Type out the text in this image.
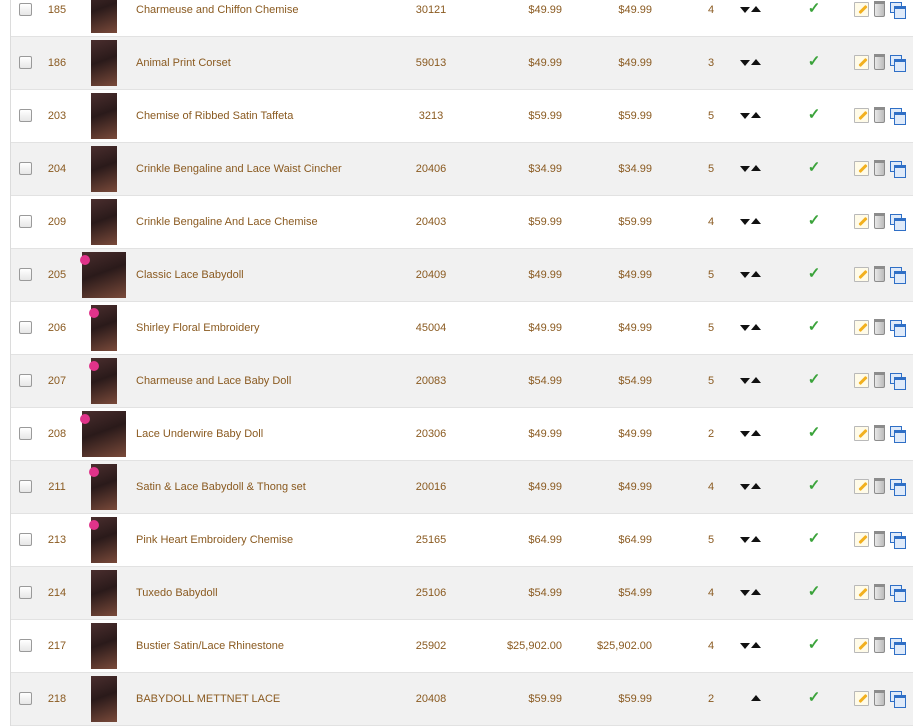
185	Charmeuse and Chiffon Chemise	30121	$49.99	$49.99	4	✓
186	Animal Print Corset	59013	$49.99	$49.99	3	✓
203	Chemise of Ribbed Satin Taffeta	3213	$59.99	$59.99	5	✓
204	Crinkle Bengaline and Lace Waist Cincher	20406	$34.99	$34.99	5	✓
209	Crinkle Bengaline And Lace Chemise	20403	$59.99	$59.99	4	✓
205	Classic Lace Babydoll	20409	$49.99	$49.99	5	✓
206	Shirley Floral Embroidery	45004	$49.99	$49.99	5	✓
207	Charmeuse and Lace Baby Doll	20083	$54.99	$54.99	5	✓
208	Lace Underwire Baby Doll	20306	$49.99	$49.99	2	✓
211	Satin & Lace Babydoll & Thong set	20016	$49.99	$49.99	4	✓
213	Pink Heart Embroidery Chemise	25165	$64.99	$64.99	5	✓
214	Tuxedo Babydoll	25106	$54.99	$54.99	4	✓
217	Bustier Satin/Lace Rhinestone	25902	$25,902.00	$25,902.00	4	✓
218	BABYDOLL METTNET LACE	20408	$59.99	$59.99	2	✓
